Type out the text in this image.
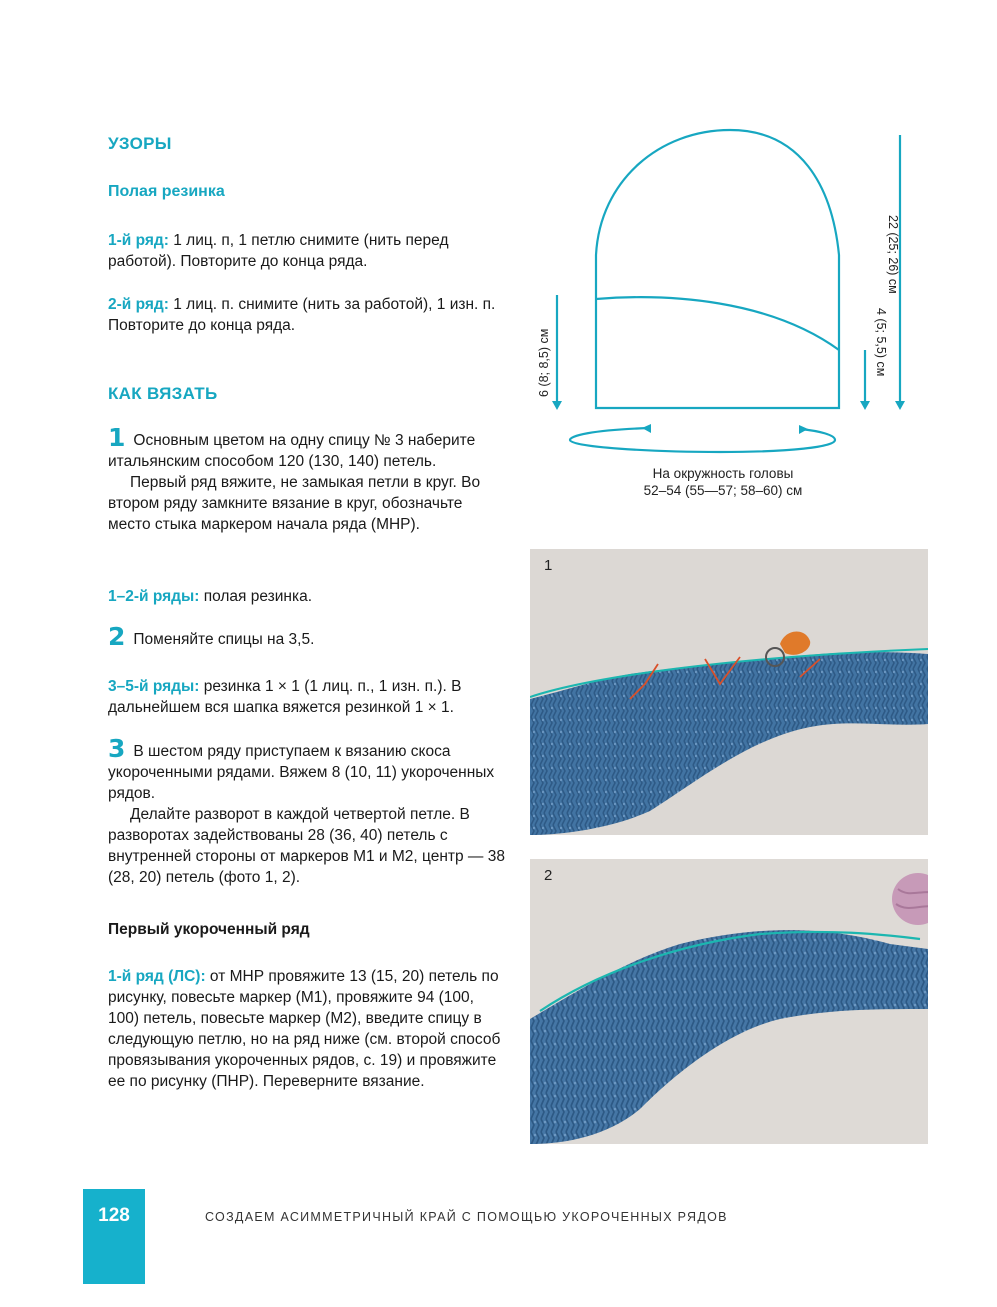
УЗОРЫ
Полая резинка

1-й ряд: 1 лиц. п, 1 петлю снимите (нить перед работой). Повторите до конца ряда.

2-й ряд: 1 лиц. п. снимите (нить за работой), 1 изн. п. Повторите до конца ряда.

КАК ВЯЗАТЬ

1 Основным цветом на одну спицу № 3 наберите итальянским способом 120 (130, 140) петель.

Первый ряд вяжите, не замыкая петли в круг. Во втором ряду замкните вязание в круг, обозначьте место стыка маркером начала ряда (МНР).

1–2-й ряды: полая резинка.

2 Поменяйте спицы на 3,5.

3–5-й ряды: резинка 1 × 1 (1 лиц. п., 1 изн. п.). В дальнейшем вся шапка вяжется резинкой 1 × 1.

3 В шестом ряду приступаем к вязанию скоса укороченными рядами. Вяжем 8 (10, 11) укороченных рядов.

Делайте разворот в каждой четвертой петле. В разворотах задействованы 28 (36, 40) петель с внутренней стороны от маркеров М1 и М2, центр — 38 (28, 20) петель (фото 1, 2).

Первый укороченный ряд

1-й ряд (ЛС): от МНР провяжите 13 (15, 20) петель по рисунку, повесьте маркер (М1), провяжите 94 (100, 100) петель, повесьте маркер (М2), введите спицу в следующую петлю, но на ряд ниже (см. второй способ провязывания укороченных рядов, с. 19) и провяжите ее по рисунку (ПНР). Переверните вязание.

22 (25; 26) см
6 (8; 8,5) см	4 (5; 5,5) см
На окружность головы
52–54 (55—57; 58–60) см
1
2
128	СОЗДАЕМ АСИММЕТРИЧНЫЙ КРАЙ С ПОМОЩЬЮ УКОРОЧЕННЫХ РЯДОВ
